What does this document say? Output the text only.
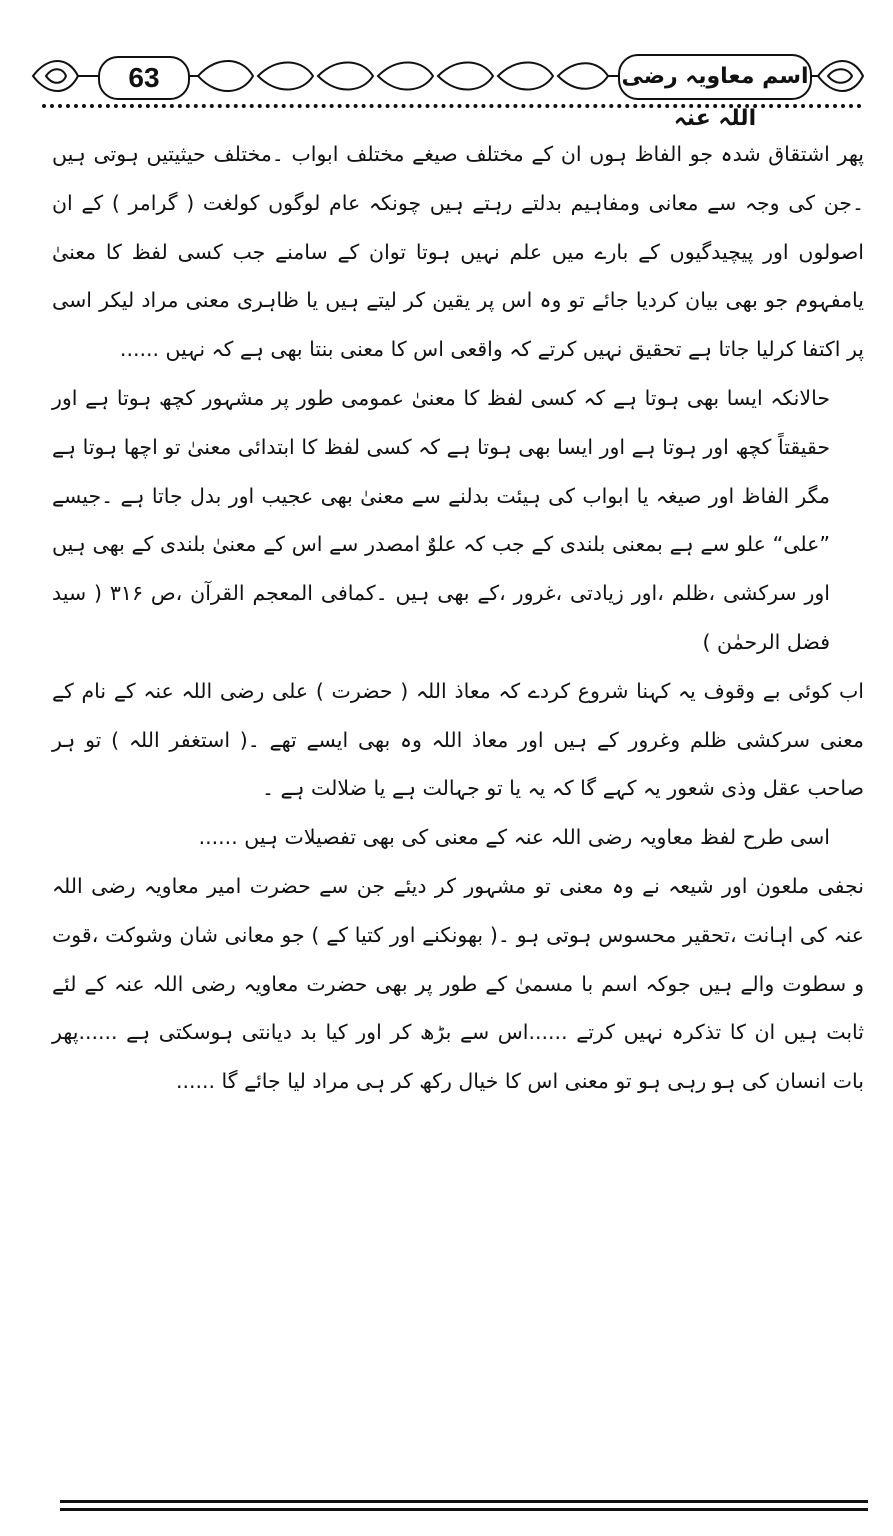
63	اسم معاویہ رضی اللہ عنہ

پھر اشتقاق شدہ جو الفاظ ہوں ان کے مختلف صیغے مختلف ابواب ۔مختلف حیثیتیں ہوتی ہیں ۔جن کی وجہ سے معانی ومفاہیم بدلتے رہتے ہیں چونکہ عام لوگوں کولغت ( گرامر ) کے ان اصولوں اور پیچیدگیوں کے بارے میں علم نہیں ہوتا توان کے سامنے جب کسی لفظ کا معنیٰ یامفہوم جو بھی بیان کردیا جائے تو وہ اس پر یقین کر لیتے ہیں یا ظاہری معنی مراد لیکر اسی پر اکتفا کرلیا جاتا ہے تحقیق نہیں کرتے کہ واقعی اس کا معنی بنتا بھی ہے کہ نہیں ......

حالانکہ ایسا بھی ہوتا ہے کہ کسی لفظ کا معنیٰ عمومی طور پر مشہور کچھ ہوتا ہے اور حقیقتاً کچھ اور ہوتا ہے اور ایسا بھی ہوتا ہے کہ کسی لفظ کا ابتدائی معنیٰ تو اچھا ہوتا ہے مگر الفاظ اور صیغہ یا ابواب کی ہیئت بدلنے سے معنیٰ بھی عجیب اور بدل جاتا ہے ۔جیسے ”علی“ علو سے ہے بمعنی بلندی کے جب کہ علوٌ امصدر سے اس کے معنیٰ بلندی کے بھی ہیں اور سرکشی ،ظلم ،اور زیادتی ،غرور ،کے بھی ہیں ۔کمافی المعجم القرآن ،ص ۳۱۶ ( سید فضل الرحمٰن )

اب کوئی بے وقوف یہ کہنا شروع کردے کہ معاذ اللہ ( حضرت ) علی رضی اللہ عنہ کے نام کے معنی سرکشی ظلم وغرور کے ہیں اور معاذ اللہ وہ بھی ایسے تھے ۔( استغفر اللہ ) تو ہر صاحب عقل وذی شعور یہ کہے گا کہ یہ یا تو جہالت ہے یا ضلالت ہے ۔

اسی طرح لفظ معاویہ رضی اللہ عنہ کے معنی کی بھی تفصیلات ہیں ......

نجفی ملعون اور شیعہ نے وہ معنی تو مشہور کر دیئے جن سے حضرت امیر معاویہ رضی اللہ عنہ کی اہانت ،تحقیر محسوس ہوتی ہو ۔( بھونکنے اور کتیا کے ) جو معانی شان وشوکت ،قوت و سطوت والے ہیں جوکہ اسم با مسمیٰ کے طور پر بھی حضرت معاویہ رضی اللہ عنہ کے لئے ثابت ہیں ان کا تذکرہ نہیں کرتے ......اس سے بڑھ کر اور کیا بد دیانتی ہوسکتی ہے ......پھر بات انسان کی ہو رہی ہو تو معنی اس کا خیال رکھ کر ہی مراد لیا جائے گا ......
